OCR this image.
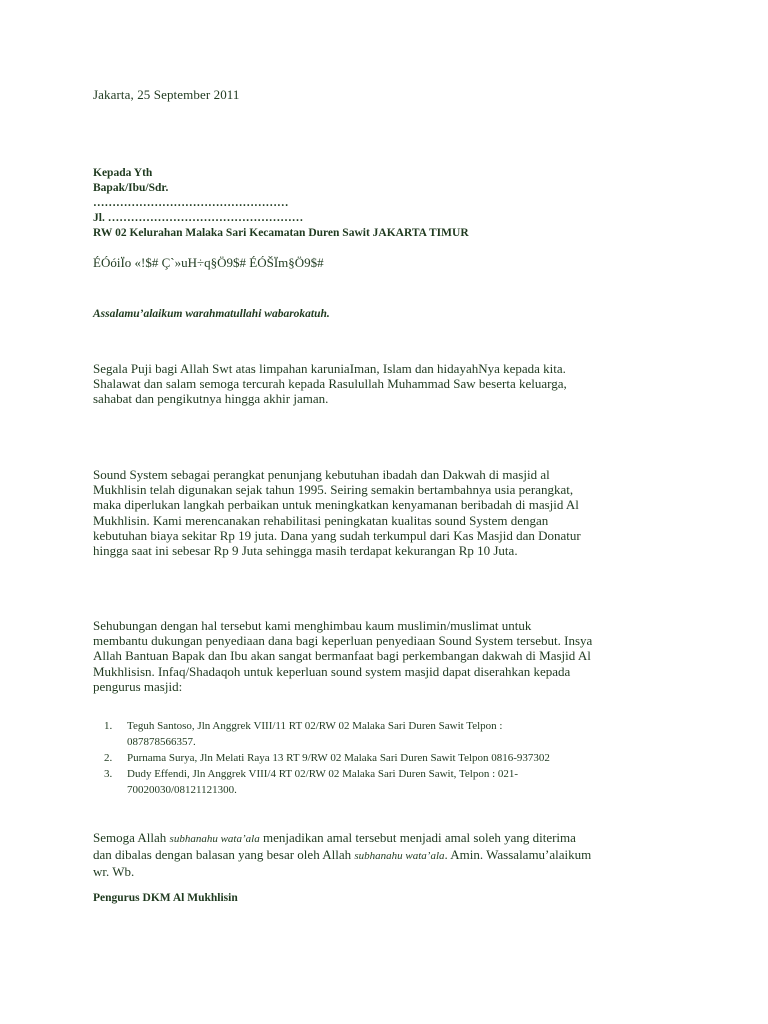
Jakarta, 25 September 2011

Kepada Yth
Bapak/Ibu/Sdr.
……………………………………………
Jl. ……………………………………………
RW 02 Kelurahan Malaka Sari Kecamatan Duren Sawit JAKARTA TIMUR

ÉÓóiÏo «!$# Ç`»uH÷q§Ö9$# ÉÓŠÏm§Ö9$#

Assalamu’alaikum warahmatullahi wabarokatuh.

Segala Puji bagi Allah Swt atas limpahan karuniaIman, Islam dan hidayahNya kepada kita.
Shalawat dan salam semoga tercurah kepada Rasulullah Muhammad Saw beserta keluarga,
sahabat dan pengikutnya hingga akhir jaman.
Sound System sebagai perangkat penunjang kebutuhan ibadah dan Dakwah di masjid al
Mukhlisin telah digunakan sejak tahun 1995. Seiring semakin bertambahnya usia perangkat,
maka diperlukan langkah perbaikan untuk meningkatkan kenyamanan beribadah di masjid Al
Mukhlisin. Kami merencanakan rehabilitasi peningkatan kualitas sound System dengan
kebutuhan biaya sekitar Rp 19 juta. Dana yang sudah terkumpul dari Kas Masjid dan Donatur
hingga saat ini sebesar Rp 9 Juta sehingga masih terdapat kekurangan Rp 10 Juta.
Sehubungan dengan hal tersebut kami menghimbau kaum muslimin/muslimat untuk
membantu dukungan penyediaan dana bagi keperluan penyediaan Sound System tersebut. Insya
Allah Bantuan Bapak dan Ibu akan sangat bermanfaat bagi perkembangan dakwah di Masjid Al
Mukhlisisn. Infaq/Shadaqoh untuk keperluan sound system masjid dapat diserahkan kepada
pengurus masjid:
1. Teguh Santoso, Jln Anggrek VIII/11 RT 02/RW 02 Malaka Sari Duren Sawit Telpon :
087878566357.
2. Purnama Surya, Jln Melati Raya 13 RT 9/RW 02 Malaka Sari Duren Sawit Telpon 0816-937302
3. Dudy Effendi, Jln Anggrek VIII/4 RT 02/RW 02 Malaka Sari Duren Sawit, Telpon : 021-
70020030/08121121300.
Semoga Allah subhanahu wata’ala menjadikan amal tersebut menjadi amal soleh yang diterima
dan dibalas dengan balasan yang besar oleh Allah subhanahu wata’ala. Amin. Wassalamu’alaikum
wr. Wb.

Pengurus DKM Al Mukhlisin
